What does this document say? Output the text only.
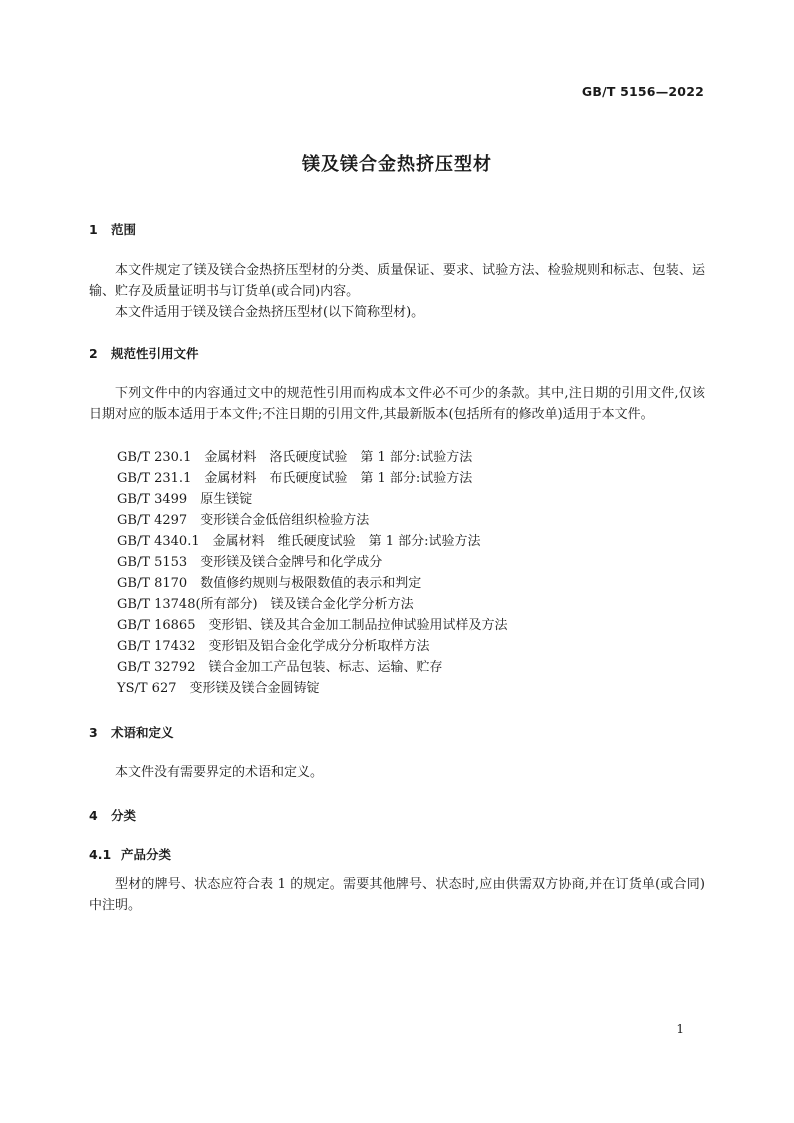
GB/T 5156—2022
镁及镁合金热挤压型材
1 范围
本文件规定了镁及镁合金热挤压型材的分类、质量保证、要求、试验方法、检验规则和标志、包装、运输、贮存及质量证明书与订货单(或合同)内容。
本文件适用于镁及镁合金热挤压型材(以下简称型材)。
2 规范性引用文件
下列文件中的内容通过文中的规范性引用而构成本文件必不可少的条款。其中,注日期的引用文件,仅该日期对应的版本适用于本文件;不注日期的引用文件,其最新版本(包括所有的修改单)适用于本文件。
GB/T 230.1　金属材料　洛氏硬度试验　第 1 部分:试验方法
GB/T 231.1　金属材料　布氏硬度试验　第 1 部分:试验方法
GB/T 3499　原生镁锭
GB/T 4297　变形镁合金低倍组织检验方法
GB/T 4340.1　金属材料　维氏硬度试验　第 1 部分:试验方法
GB/T 5153　变形镁及镁合金牌号和化学成分
GB/T 8170　数值修约规则与极限数值的表示和判定
GB/T 13748(所有部分)　镁及镁合金化学分析方法
GB/T 16865　变形铝、镁及其合金加工制品拉伸试验用试样及方法
GB/T 17432　变形铝及铝合金化学成分分析取样方法
GB/T 32792　镁合金加工产品包装、标志、运输、贮存
YS/T 627　变形镁及镁合金圆铸锭
3 术语和定义
本文件没有需要界定的术语和定义。
4 分类
4.1 产品分类
型材的牌号、状态应符合表 1 的规定。需要其他牌号、状态时,应由供需双方协商,并在订货单(或合同)中注明。
1
